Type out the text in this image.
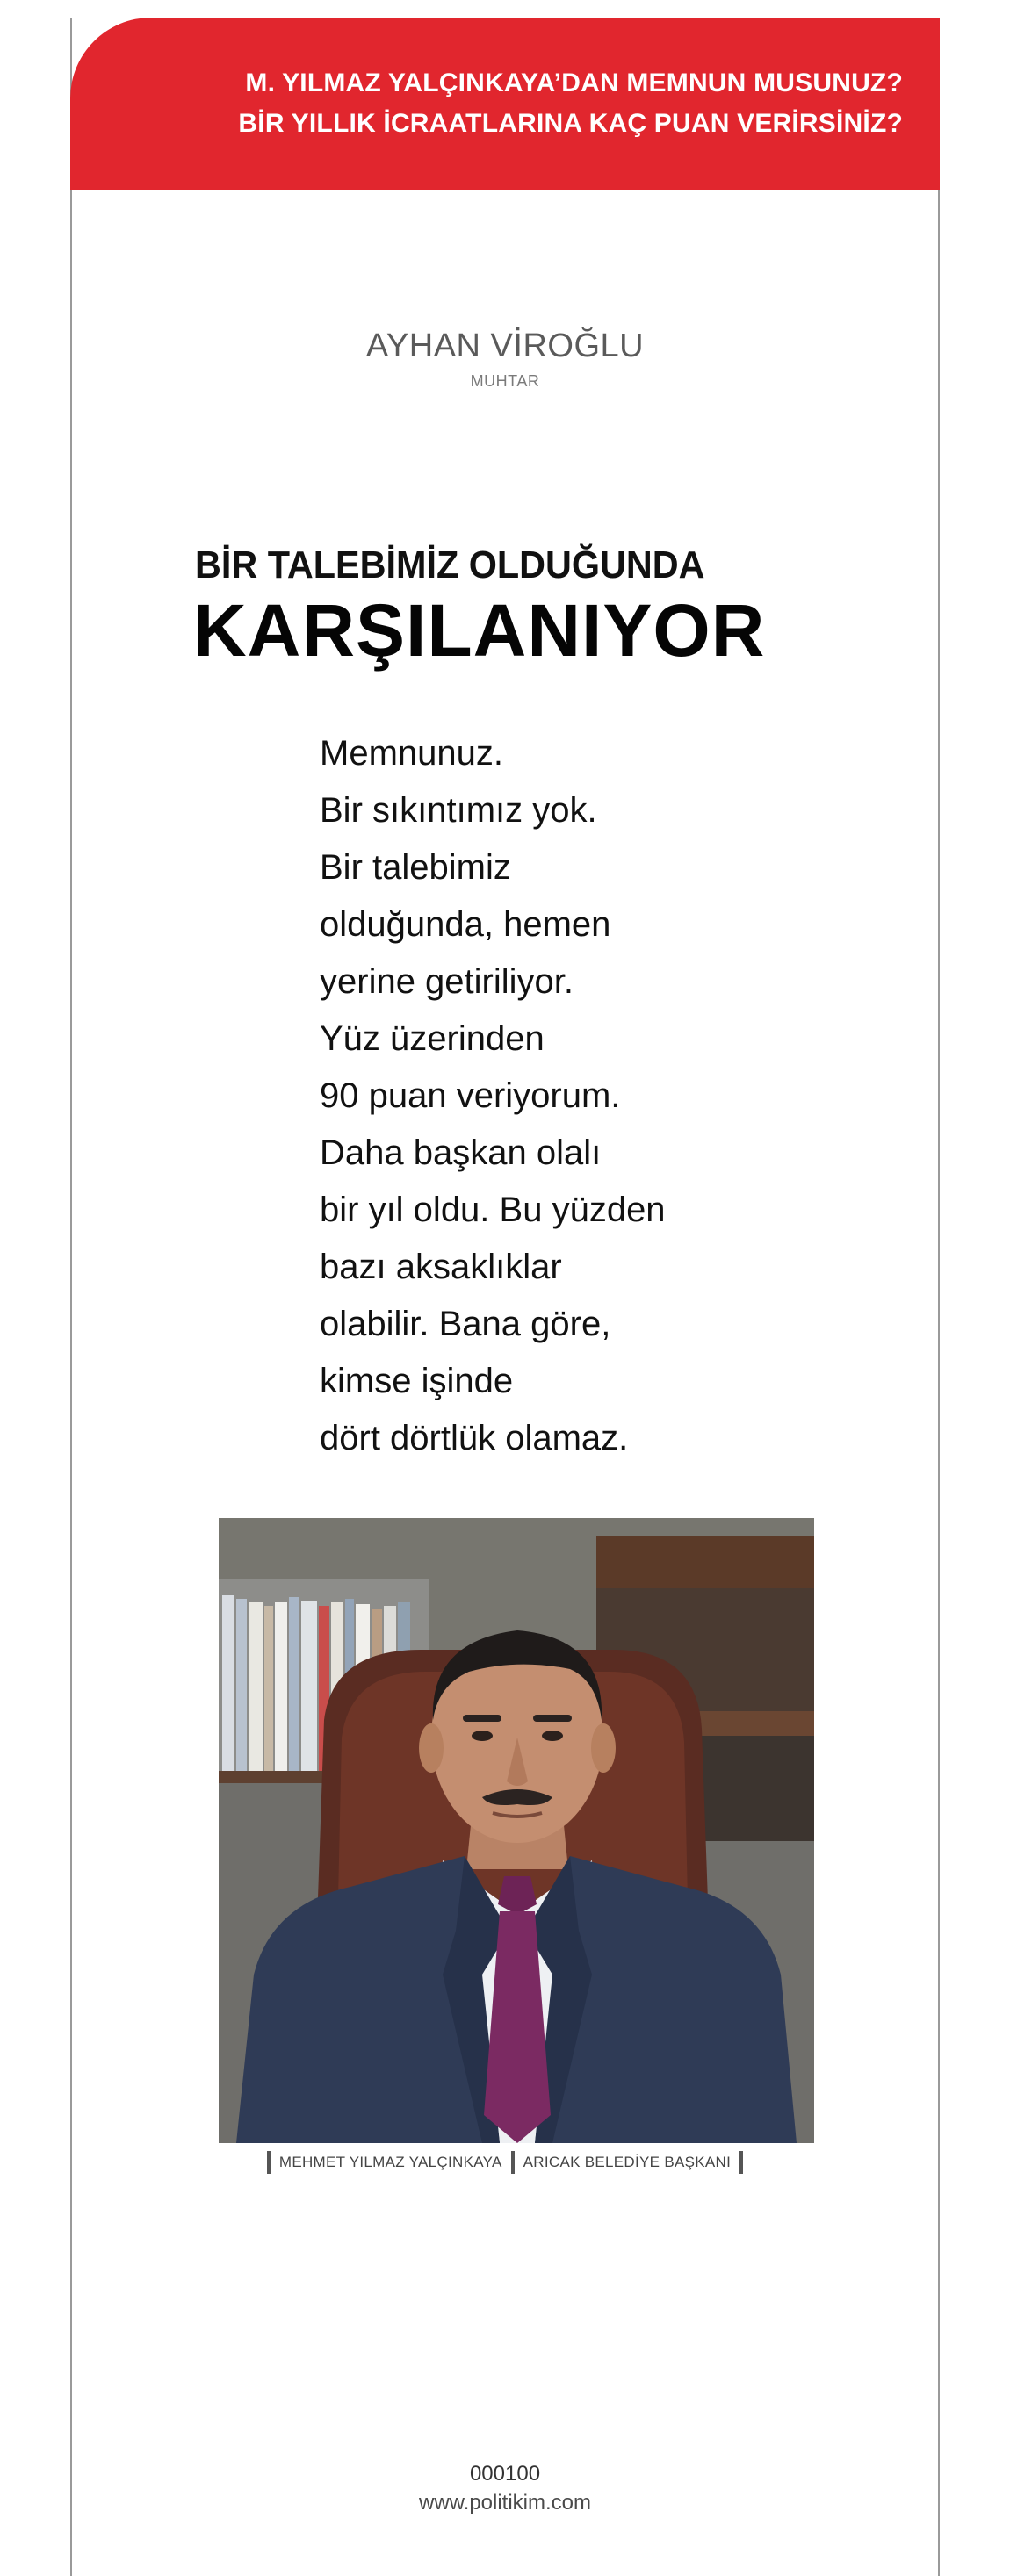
M. YILMAZ YALÇINKAYA’DAN MEMNUN MUSUNUZ?
BİR YILLIK İCRAATLARINA KAÇ PUAN VERİRSİNİZ?
AYHAN VİROĞLU
MUHTAR
BİR TALEBİMİZ OLDUĞUNDA
KARŞILANIYOR
Memnunuz.
Bir sıkıntımız yok.
Bir talebimiz
olduğunda, hemen
yerine getiriliyor.
Yüz üzerinden
90 puan veriyorum.
Daha başkan olalı
bir yıl oldu. Bu yüzden
bazı aksaklıklar
olabilir. Bana göre,
kimse işinde
dört dörtlük olamaz.
MEHMET YILMAZ YALÇINKAYA ARICAK BELEDİYE BAŞKANI
000100
www.politikim.com
